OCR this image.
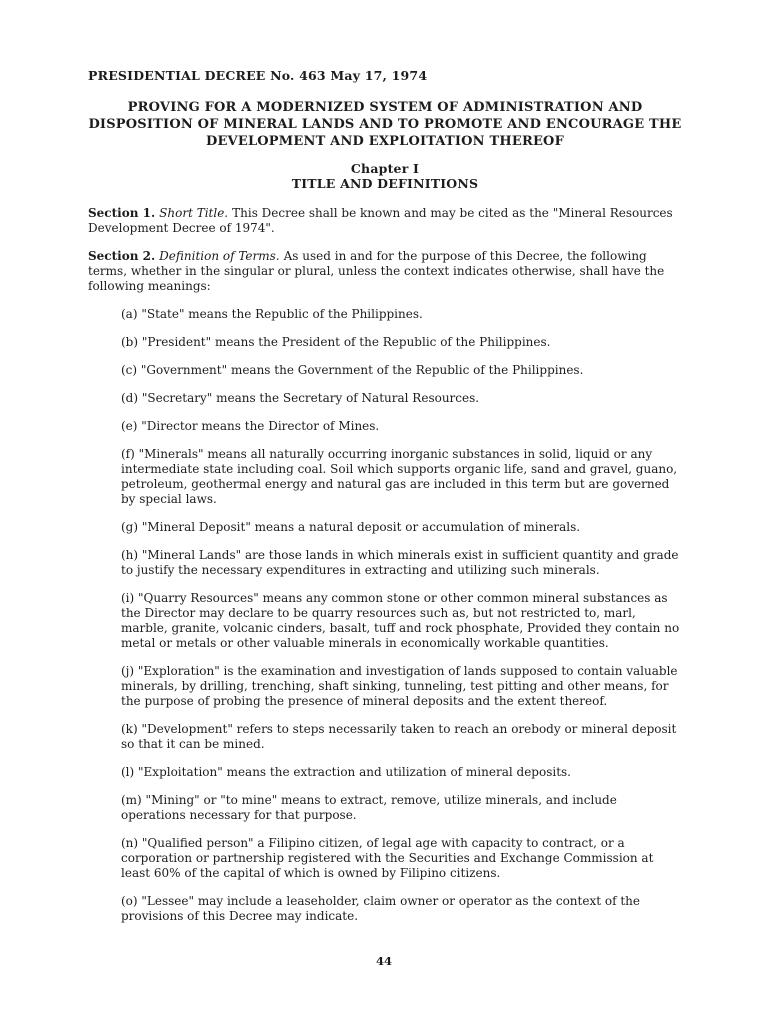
PRESIDENTIAL DECREE No. 463 May 17, 1974
PROVING FOR A MODERNIZED SYSTEM OF ADMINISTRATION AND
DISPOSITION OF MINERAL LANDS AND TO PROMOTE AND ENCOURAGE THE
DEVELOPMENT AND EXPLOITATION THEREOF
Chapter I
TITLE AND DEFINITIONS

Section 1. Short Title. This Decree shall be known and may be cited as the "Mineral Resources Development Decree of 1974".

Section 2. Definition of Terms. As used in and for the purpose of this Decree, the following terms, whether in the singular or plural, unless the context indicates otherwise, shall have the following meanings:

(a) "State" means the Republic of the Philippines.

(b) "President" means the President of the Republic of the Philippines.

(c) "Government" means the Government of the Republic of the Philippines.

(d) "Secretary" means the Secretary of Natural Resources.

(e) "Director means the Director of Mines.

(f) "Minerals" means all naturally occurring inorganic substances in solid, liquid or any intermediate state including coal. Soil which supports organic life, sand and gravel, guano, petroleum, geothermal energy and natural gas are included in this term but are governed by special laws.

(g) "Mineral Deposit" means a natural deposit or accumulation of minerals.

(h) "Mineral Lands" are those lands in which minerals exist in sufficient quantity and grade to justify the necessary expenditures in extracting and utilizing such minerals.

(i) "Quarry Resources" means any common stone or other common mineral substances as the Director may declare to be quarry resources such as, but not restricted to, marl, marble, granite, volcanic cinders, basalt, tuff and rock phosphate, Provided they contain no metal or metals or other valuable minerals in economically workable quantities.

(j) "Exploration" is the examination and investigation of lands supposed to contain valuable minerals, by drilling, trenching, shaft sinking, tunneling, test pitting and other means, for the purpose of probing the presence of mineral deposits and the extent thereof.

(k) "Development" refers to steps necessarily taken to reach an orebody or mineral deposit so that it can be mined.

(l) "Exploitation" means the extraction and utilization of mineral deposits.

(m) "Mining" or "to mine" means to extract, remove, utilize minerals, and include operations necessary for that purpose.

(n) "Qualified person" a Filipino citizen, of legal age with capacity to contract, or a corporation or partnership registered with the Securities and Exchange Commission at least 60% of the capital of which is owned by Filipino citizens.

(o) "Lessee" may include a leaseholder, claim owner or operator as the context of the provisions of this Decree may indicate.

44
